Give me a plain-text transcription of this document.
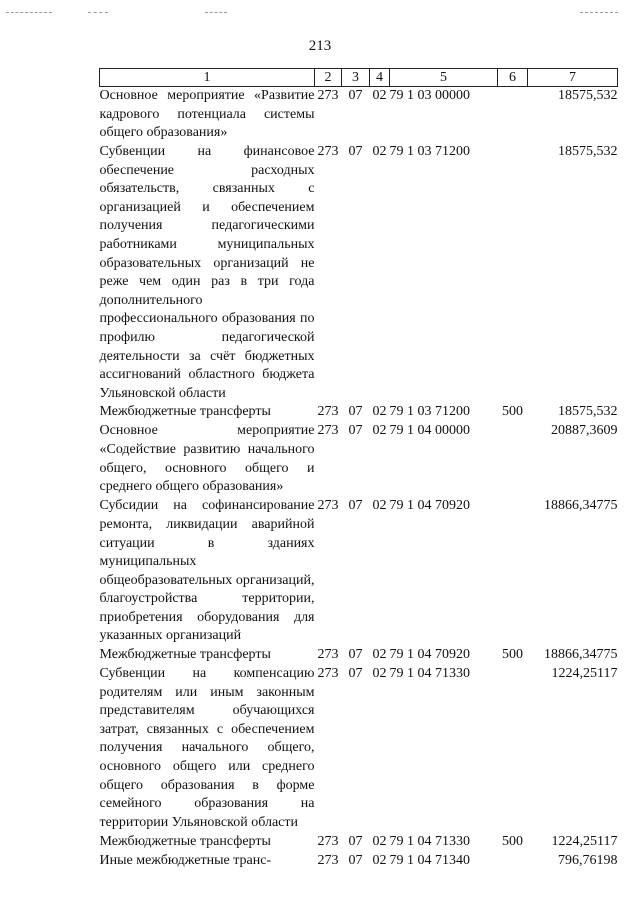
213
1	2	3	4	5	6	7

Основное мероприятие «Развитие кадрового потенциала системы общего образования»	273	07	02	79 1 03 00000		18575,532

Субвенции на финансовое обеспечение расходных обязательств, связанных с организацией и обеспечением получения педагогическими работниками муниципальных образовательных организаций не реже чем один раз в три года дополнительного профессионального образования по профилю педагогической деятельности за счёт бюджетных ассигнований областного бюджета Ульяновской области	273	07	02	79 1 03 71200		18575,532

Межбюджетные трансферты	273	07	02	79 1 03 71200	500	18575,532

Основное мероприятие «Содействие развитию начального общего, основного общего и среднего общего образования»	273	07	02	79 1 04 00000		20887,3609

Субсидии на софинансирование ремонта, ликвидации аварийной ситуации в зданиях муниципальных общеобразовательных организаций, благоустройства территории, приобретения оборудования для указанных организаций	273	07	02	79 1 04 70920		18866,34775

Межбюджетные трансферты	273	07	02	79 1 04 70920	500	18866,34775

Субвенции на компенсацию родителям или иным законным представителям обучающихся затрат, связанных с обеспечением получения начального общего, основного общего или среднего общего образования в форме семейного образования на территории Ульяновской области	273	07	02	79 1 04 71330		1224,25117

Межбюджетные трансферты	273	07	02	79 1 04 71330	500	1224,25117

Иные межбюджетные транс-	273	07	02	79 1 04 71340		796,76198
